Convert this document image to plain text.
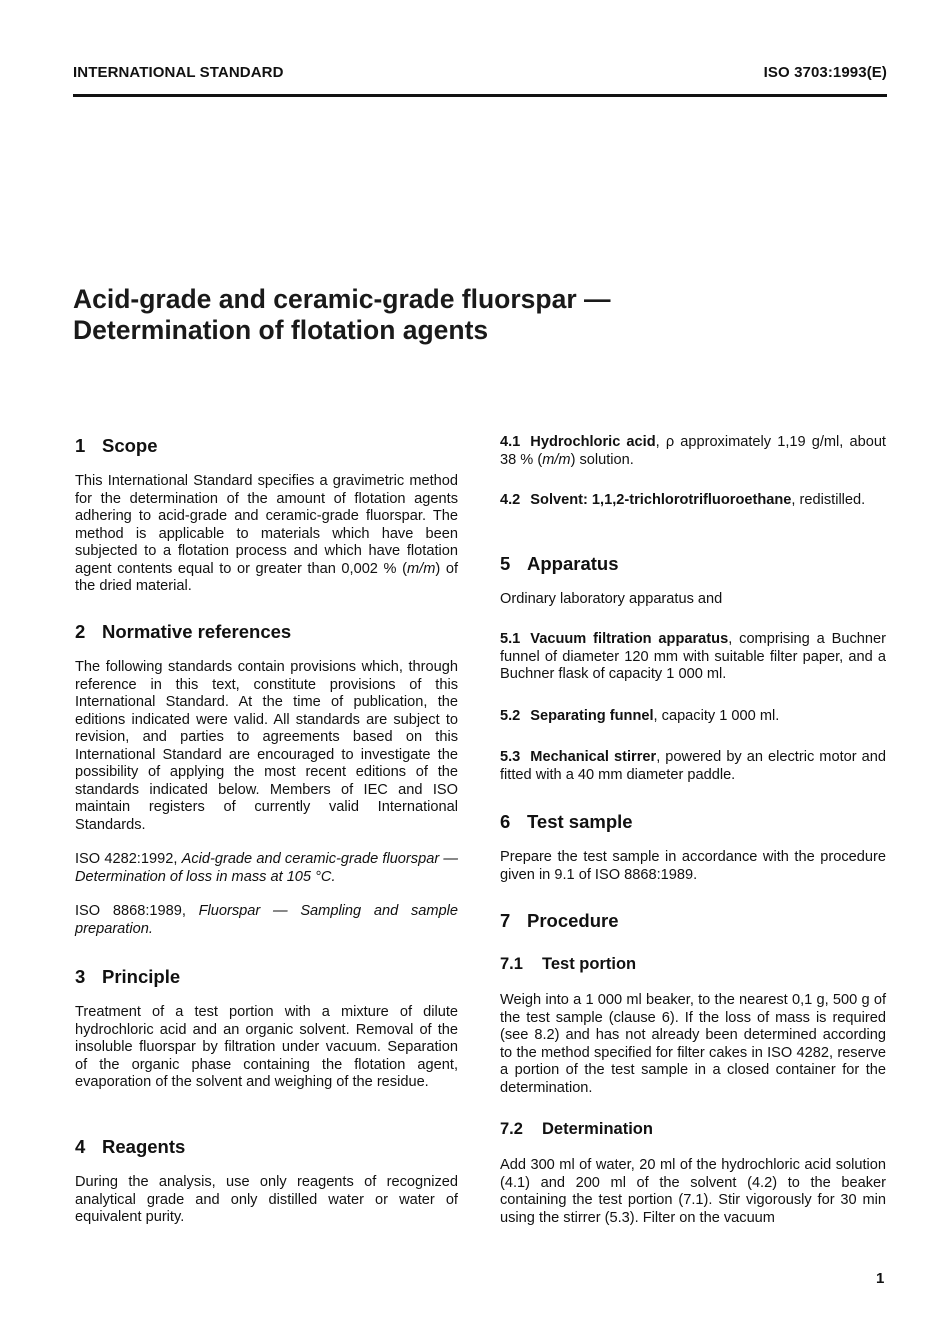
INTERNATIONAL STANDARD	ISO 3703:1993(E)
Acid-grade and ceramic-grade fluorspar —
Determination of flotation agents
1 Scope
This International Standard specifies a gravimetric method for the determination of the amount of flotation agents adhering to acid-grade and ceramic-grade fluorspar. The method is applicable to materials which have been subjected to a flotation process and which have flotation agent contents equal to or greater than 0,002 % (m/m) of the dried material.
2 Normative references
The following standards contain provisions which, through reference in this text, constitute provisions of this International Standard. At the time of publication, the editions indicated were valid. All standards are subject to revision, and parties to agreements based on this International Standard are encouraged to investigate the possibility of applying the most recent editions of the standards indicated below. Members of IEC and ISO maintain registers of currently valid International Standards.
ISO 4282:1992, Acid-grade and ceramic-grade fluorspar — Determination of loss in mass at 105 °C.
ISO 8868:1989, Fluorspar — Sampling and sample preparation.
3 Principle
Treatment of a test portion with a mixture of dilute hydrochloric acid and an organic solvent. Removal of the insoluble fluorspar by filtration under vacuum. Separation of the organic phase containing the flotation agent, evaporation of the solvent and weighing of the residue.
4 Reagents
During the analysis, use only reagents of recognized analytical grade and only distilled water or water of equivalent purity.
4.1 Hydrochloric acid, ρ approximately 1,19 g/ml, about 38 % (m/m) solution.
4.2 Solvent: 1,1,2-trichlorotrifluoroethane, redistilled.
5 Apparatus
Ordinary laboratory apparatus and
5.1 Vacuum filtration apparatus, comprising a Buchner funnel of diameter 120 mm with suitable filter paper, and a Buchner flask of capacity 1 000 ml.
5.2 Separating funnel, capacity 1 000 ml.
5.3 Mechanical stirrer, powered by an electric motor and fitted with a 40 mm diameter paddle.
6 Test sample
Prepare the test sample in accordance with the procedure given in 9.1 of ISO 8868:1989.
7 Procedure
7.1 Test portion
Weigh into a 1 000 ml beaker, to the nearest 0,1 g, 500 g of the test sample (clause 6). If the loss of mass is required (see 8.2) and has not already been determined according to the method specified for filter cakes in ISO 4282, reserve a portion of the test sample in a closed container for the determination.
7.2 Determination
Add 300 ml of water, 20 ml of the hydrochloric acid solution (4.1) and 200 ml of the solvent (4.2) to the beaker containing the test portion (7.1). Stir vigorously for 30 min using the stirrer (5.3). Filter on the vacuum
1
